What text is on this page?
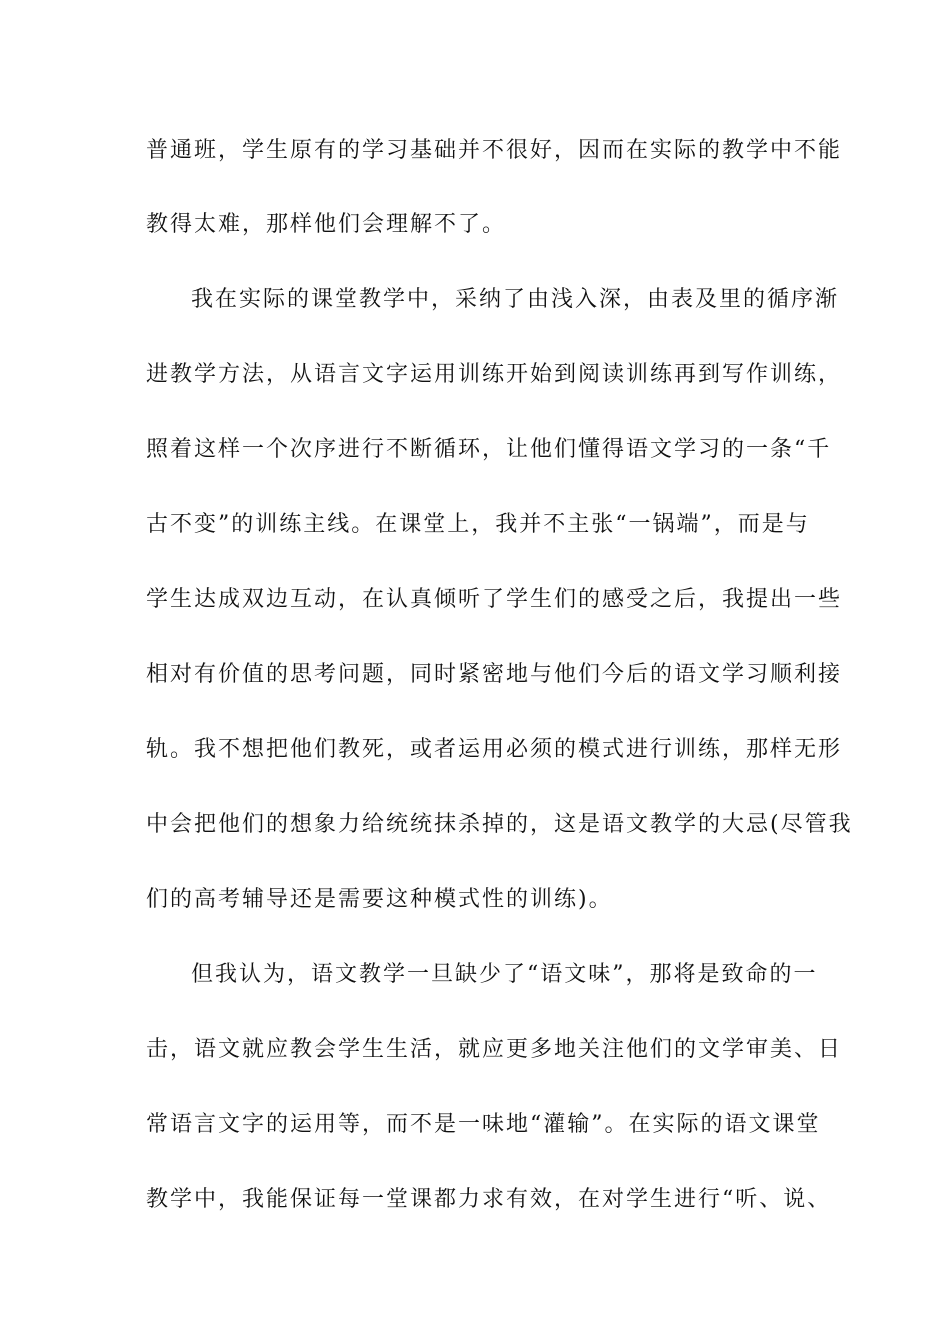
普通班，学生原有的学习基础并不很好，因而在实际的教学中不能
教得太难，那样他们会理解不了。
我在实际的课堂教学中，采纳了由浅入深，由表及里的循序渐
进教学方法，从语言文字运用训练开始到阅读训练再到写作训练，
照着这样一个次序进行不断循环，让他们懂得语文学习的一条“千
古不变”的训练主线。在课堂上，我并不主张“一锅端”，而是与
学生达成双边互动，在认真倾听了学生们的感受之后，我提出一些
相对有价值的思考问题，同时紧密地与他们今后的语文学习顺利接
轨。我不想把他们教死，或者运用必须的模式进行训练，那样无形
中会把他们的想象力给统统抹杀掉的，这是语文教学的大忌(尽管我
们的高考辅导还是需要这种模式性的训练)。
但我认为，语文教学一旦缺少了“语文味”，那将是致命的一
击，语文就应教会学生生活，就应更多地关注他们的文学审美、日
常语言文字的运用等，而不是一味地“灌输”。在实际的语文课堂
教学中，我能保证每一堂课都力求有效，在对学生进行“听、说、
